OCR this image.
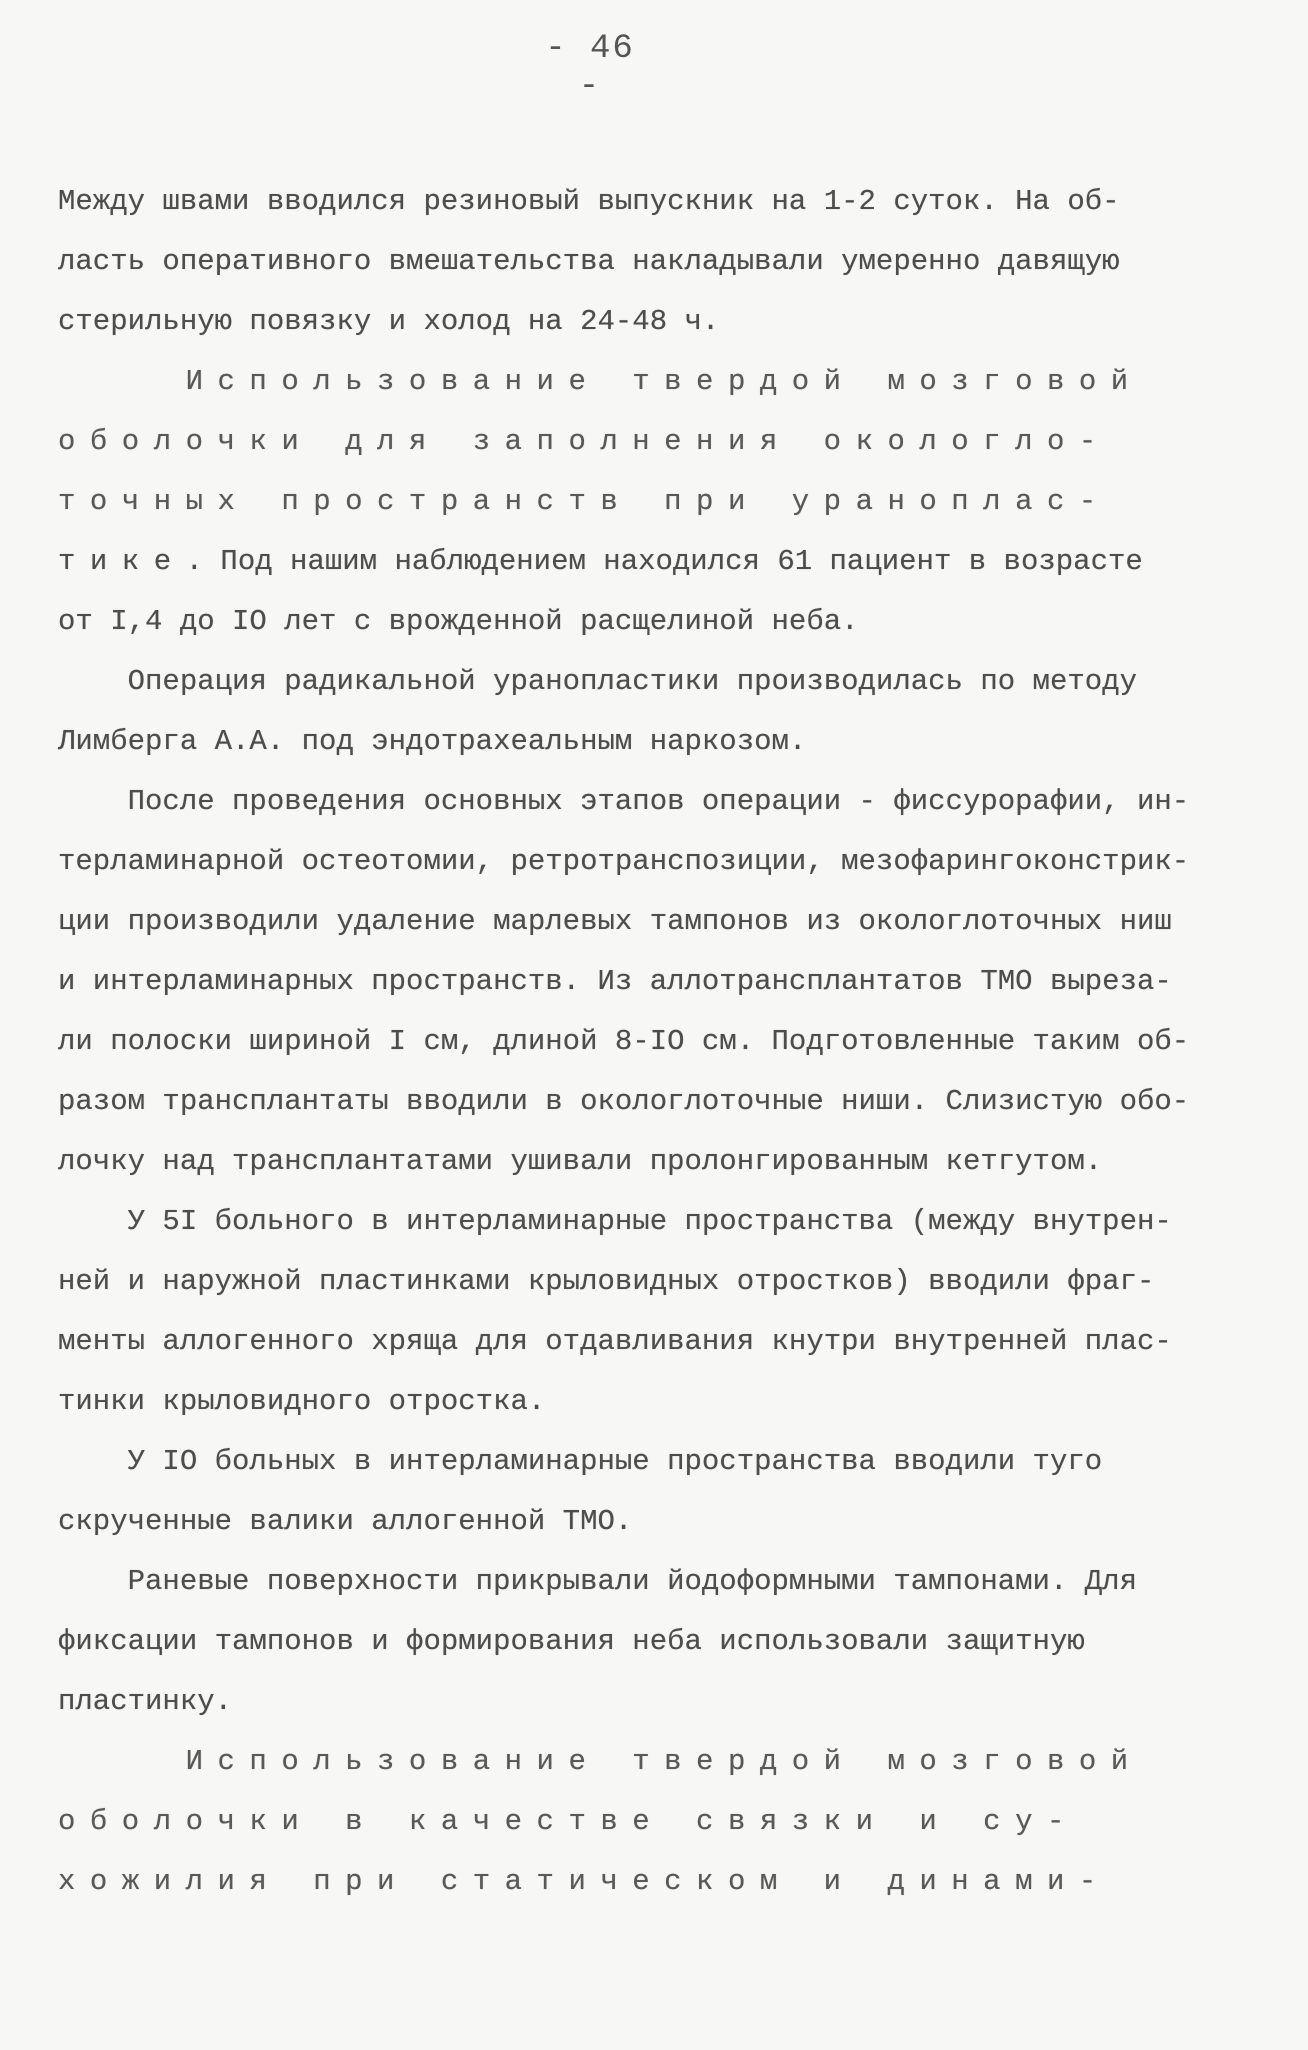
- 46 -
Между швами вводился резиновый выпускник на 1-2 суток. На об-
ласть оперативного вмешательства накладывали умеренно давящую
стерильную повязку и холод на 24-48 ч.
Использование твердой мозговой
оболочки для заполнения окологло-
точных пространств при ураноплас-
тике. Под нашим наблюдением находился 61 пациент в возрасте
от I,4 до IO лет с врожденной расщелиной неба.
Операция радикальной уранопластики производилась по методу
Лимберга А.А. под эндотрахеальным наркозом.
После проведения основных этапов операции - фиссурорафии, ин-
терламинарной остеотомии, ретротранспозиции, мезофарингоконстрик-
ции производили удаление марлевых тампонов из окологлоточных ниш
и интерламинарных пространств. Из аллотрансплантатов ТМО выреза-
ли полоски шириной I см, длиной 8-IO см. Подготовленные таким об-
разом трансплантаты вводили в окологлоточные ниши. Слизистую обо-
лочку над трансплантатами ушивали пролонгированным кетгутом.
У 5I больного в интерламинарные пространства (между внутрен-
ней и наружной пластинками крыловидных отростков) вводили фраг-
менты аллогенного хряща для отдавливания кнутри внутренней плас-
тинки крыловидного отростка.
У IO больных в интерламинарные пространства вводили туго
скрученные валики аллогенной ТМО.
Раневые поверхности прикрывали йодоформными тампонами. Для
фиксации тампонов и формирования неба использовали защитную
пластинку.
Использование твердой мозговой
оболочки в качестве связки и су-
хожилия при статическом и динами-
